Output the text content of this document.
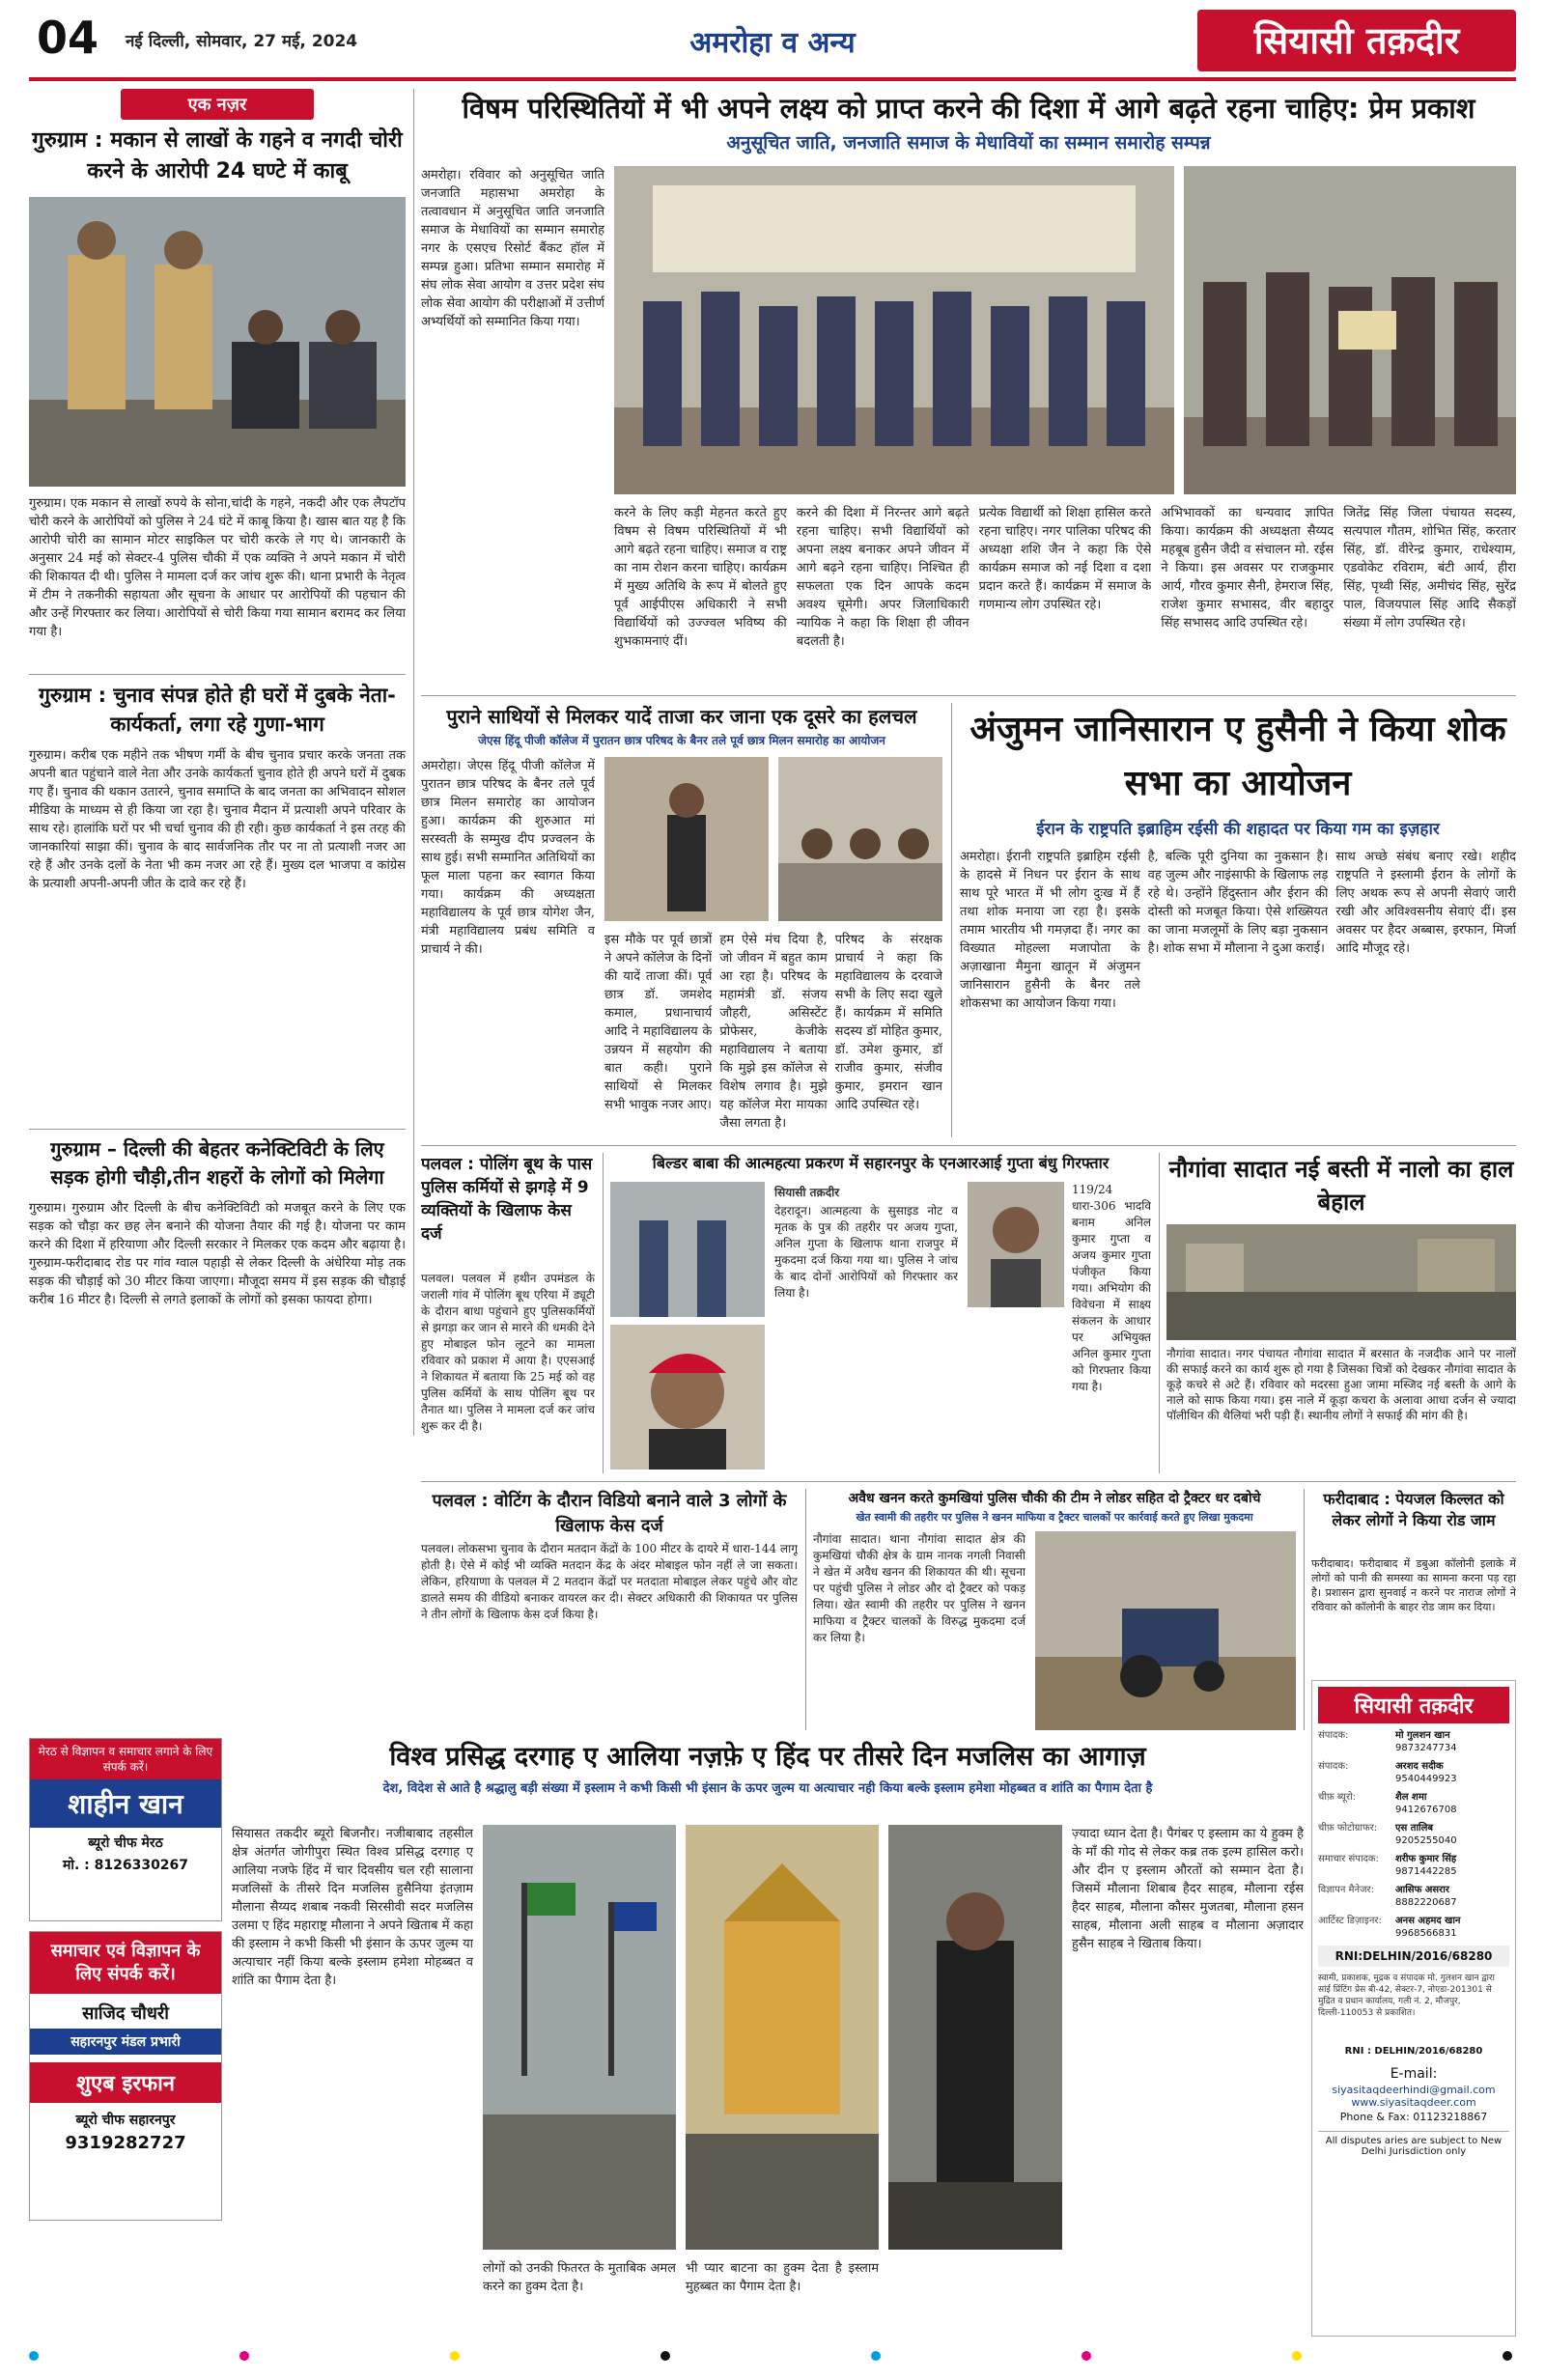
04 नई दिल्ली, सोमवार, 27 मई, 2024	अमरोहा व अन्य	सियासी तक़दीर
एक नज़र
गुरुग्राम : मकान से लाखों के गहने व नगदी चोरी करने के आरोपी 24 घण्टे में काबू
गुरुग्राम। एक मकान से लाखों रुपये के सोना,चांदी के गहने, नकदी और एक लैपटॉप चोरी करने के आरोपियों को पुलिस ने 24 घंटे में काबू किया है। खास बात यह है कि आरोपी चोरी का सामान मोटर साइकिल पर चोरी करके ले गए थे। जानकारी के अनुसार 24 मई को सेक्टर-4 पुलिस चौकी में एक व्यक्ति ने अपने मकान में चोरी की शिकायत दी थी। पुलिस ने मामला दर्ज कर जांच शुरू की। थाना प्रभारी के नेतृत्व में टीम ने तकनीकी सहायता और सूचना के आधार पर आरोपियों की पहचान की और उन्हें गिरफ्तार कर लिया। आरोपियों से चोरी किया गया सामान बरामद कर लिया गया है।
गुरुग्राम : चुनाव संपन्न होते ही घरों में दुबके नेता-कार्यकर्ता, लगा रहे गुणा-भाग
गुरुग्राम। करीब एक महीने तक भीषण गर्मी के बीच चुनाव प्रचार करके जनता तक अपनी बात पहुंचाने वाले नेता और उनके कार्यकर्ता चुनाव होते ही अपने घरों में दुबक गए हैं। चुनाव की थकान उतारने, चुनाव समाप्ति के बाद जनता का अभिवादन सोशल मीडिया के माध्यम से ही किया जा रहा है। चुनाव मैदान में प्रत्याशी अपने परिवार के साथ रहे। हालांकि घरों पर भी चर्चा चुनाव की ही रही। कुछ कार्यकर्ता ने इस तरह की जानकारियां साझा कीं। चुनाव के बाद सार्वजनिक तौर पर ना तो प्रत्याशी नजर आ रहे हैं और उनके दलों के नेता भी कम नजर आ रहे हैं। मुख्य दल भाजपा व कांग्रेस के प्रत्याशी अपनी-अपनी जीत के दावे कर रहे हैं।
गुरुग्राम – दिल्ली की बेहतर कनेक्टिविटी के लिए सड़क होगी चौड़ी,तीन शहरों के लोगों को मिलेगा
गुरुग्राम। गुरुग्राम और दिल्ली के बीच कनेक्टिविटी को मजबूत करने के लिए एक सड़क को चौड़ा कर छह लेन बनाने की योजना तैयार की गई है। योजना पर काम करने की दिशा में हरियाणा और दिल्ली सरकार ने मिलकर एक कदम और बढ़ाया है। गुरुग्राम-फरीदाबाद रोड पर गांव ग्वाल पहाड़ी से लेकर दिल्ली के अंधेरिया मोड़ तक सड़क की चौड़ाई को 30 मीटर किया जाएगा। मौजूदा समय में इस सड़क की चौड़ाई करीब 16 मीटर है। दिल्ली से लगते इलाकों के लोगों को इसका फायदा होगा।
विषम परिस्थितियों में भी अपने लक्ष्य को प्राप्त करने की दिशा में आगे बढ़ते रहना चाहिए: प्रेम प्रकाश
अनुसूचित जाति, जनजाति समाज के मेधावियों का सम्मान समारोह सम्पन्न
अमरोहा। रविवार को अनुसूचित जाति जनजाति महासभा अमरोहा के तत्वावधान में अनुसूचित जाति जनजाति समाज के मेधावियों का सम्मान समारोह नगर के एसएच रिसोर्ट बैंकट हॉल में सम्पन्न हुआ। प्रतिभा सम्मान समारोह में संघ लोक सेवा आयोग व उत्तर प्रदेश संघ लोक सेवा आयोग की परीक्षाओं में उत्तीर्ण अभ्यर्थियों को सम्मानित किया गया।
करने के लिए कड़ी मेहनत करते हुए विषम से विषम परिस्थितियों में भी आगे बढ़ते रहना चाहिए। समाज व राष्ट्र का नाम रोशन करना चाहिए। कार्यक्रम में मुख्य अतिथि के रूप में बोलते हुए पूर्व आईपीएस अधिकारी ने सभी विद्यार्थियों को उज्ज्वल भविष्य की शुभकामनाएं दीं।
करने की दिशा में निरन्तर आगे बढ़ते रहना चाहिए। सभी विद्यार्थियों को अपना लक्ष्य बनाकर अपने जीवन में आगे बढ़ने रहना चाहिए। निश्चित ही सफलता एक दिन आपके कदम अवश्य चूमेगी। अपर जिलाधिकारी न्यायिक ने कहा कि शिक्षा ही जीवन बदलती है।
प्रत्येक विद्यार्थी को शिक्षा हासिल करते रहना चाहिए। नगर पालिका परिषद की अध्यक्षा शशि जैन ने कहा कि ऐसे कार्यक्रम समाज को नई दिशा व दशा प्रदान करते हैं। कार्यक्रम में समाज के गणमान्य लोग उपस्थित रहे।
अभिभावकों का धन्यवाद ज्ञापित किया। कार्यक्रम की अध्यक्षता सैय्यद महबूब हुसैन जैदी व संचालन मो. रईस ने किया। इस अवसर पर राजकुमार आर्य, गौरव कुमार सैनी, हेमराज सिंह, राजेश कुमार सभासद, वीर बहादुर सिंह सभासद आदि उपस्थित रहे।
जितेंद्र सिंह जिला पंचायत सदस्य, सत्यपाल गौतम, शोभित सिंह, करतार सिंह, डॉ. वीरेन्द्र कुमार, राधेश्याम, एडवोकेट रविराम, बंटी आर्य, हीरा सिंह, पृथ्वी सिंह, अमीचंद सिंह, सुरेंद्र पाल, विजयपाल सिंह आदि सैकड़ों संख्या में लोग उपस्थित रहे।
पुराने साथियों से मिलकर यादें ताजा कर जाना एक दूसरे का हलचल
जेएस हिंदू पीजी कॉलेज में पुरातन छात्र परिषद के बैनर तले पूर्व छात्र मिलन समारोह का आयोजन
अमरोहा। जेएस हिंदू पीजी कॉलेज में पुरातन छात्र परिषद के बैनर तले पूर्व छात्र मिलन समारोह का आयोजन हुआ। कार्यक्रम की शुरुआत मां सरस्वती के सम्मुख दीप प्रज्वलन के साथ हुई। सभी सम्मानित अतिथियों का फूल माला पहना कर स्वागत किया गया। कार्यक्रम की अध्यक्षता महाविद्यालय के पूर्व छात्र योगेश जैन, मंत्री महाविद्यालय प्रबंध समिति व प्राचार्य ने की।
इस मौके पर पूर्व छात्रों ने अपने कॉलेज के दिनों की यादें ताजा कीं। पूर्व छात्र डॉ. जमशेद कमाल, प्रधानाचार्य आदि ने महाविद्यालय के उन्नयन में सहयोग की बात कही। पुराने साथियों से मिलकर सभी भावुक नजर आए।
हम ऐसे मंच दिया है, जो जीवन में बहुत काम आ रहा है। परिषद के महामंत्री डॉ. संजय जौहरी, असिस्टेंट प्रोफेसर, केजीके महाविद्यालय ने बताया कि मुझे इस कॉलेज से विशेष लगाव है। मुझे यह कॉलेज मेरा मायका जैसा लगता है।
परिषद के संरक्षक प्राचार्य ने कहा कि महाविद्यालय के दरवाजे सभी के लिए सदा खुले हैं। कार्यक्रम में समिति सदस्य डॉ मोहित कुमार, डॉ. उमेश कुमार, डॉ राजीव कुमार, संजीव कुमार, इमरान खान आदि उपस्थित रहे।
अंजुमन जानिसारान ए हुसैनी ने किया शोक सभा का आयोजन
ईरान के राष्ट्रपति इब्राहिम रईसी की शहादत पर किया गम का इज़हार
अमरोहा। ईरानी राष्ट्रपति इब्राहिम रईसी के हादसे में निधन पर ईरान के साथ साथ पूरे भारत में भी लोग दुःख में हैं तथा शोक मनाया जा रहा है। इसके तमाम भारतीय भी गमज़दा हैं। नगर का विख्यात मोहल्ला मजापोता के अज़ाखाना मैमुना खातून में अंजुमन जानिसारान हुसैनी के बैनर तले शोकसभा का आयोजन किया गया।
है, बल्कि पूरी दुनिया का नुकसान है। वह जुल्म और नाइंसाफी के खिलाफ लड़ रहे थे। उन्होंने हिंदुस्तान और ईरान की दोस्ती को मजबूत किया। ऐसे शख्सियत का जाना मजलूमों के लिए बड़ा नुकसान है। शोक सभा में मौलाना ने दुआ कराई।
साथ अच्छे संबंध बनाए रखे। शहीद राष्ट्रपति ने इस्लामी ईरान के लोगों के लिए अथक रूप से अपनी सेवाएं जारी रखी और अविश्वसनीय सेवाएं दीं। इस अवसर पर हैदर अब्बास, इरफान, मिर्जा आदि मौजूद रहे।
पलवल : पोलिंग बूथ के पास पुलिस कर्मियों से झगड़े में 9 व्यक्तियों के खिलाफ केस दर्ज
पलवल। पलवल में हथीन उपमंडल के जराली गांव में पोलिंग बूथ एरिया में ड्यूटी के दौरान बाधा पहुंचाने हुए पुलिसकर्मियों से झगड़ा कर जान से मारने की धमकी देने हुए मोबाइल फोन लूटने का मामला रविवार को प्रकाश में आया है। एएसआई ने शिकायत में बताया कि 25 मई को वह पुलिस कर्मियों के साथ पोलिंग बूथ पर तैनात था। पुलिस ने मामला दर्ज कर जांच शुरू कर दी है।
बिल्डर बाबा की आत्महत्या प्रकरण में सहारनपुर के एनआरआई गुप्ता बंधु गिरफ्तार
सियासी तक़दीर
देहरादून। आत्महत्या के सुसाइड नोट व मृतक के पुत्र की तहरीर पर अजय गुप्ता, अनिल गुप्ता के खिलाफ थाना राजपुर में मुकदमा दर्ज किया गया था। पुलिस ने जांच के बाद दोनों आरोपियों को गिरफ्तार कर लिया है।
119/24 धारा-306 भादवि बनाम अनिल कुमार गुप्ता व अजय कुमार गुप्ता पंजीकृत किया गया। अभियोग की विवेचना में साक्ष्य संकलन के आधार पर अभियुक्त अनिल कुमार गुप्ता को गिरफ्तार किया गया है।
नौगांवा सादात नई बस्ती में नालो का हाल बेहाल
नौगांवा सादात। नगर पंचायत नौगांवा सादात में बरसात के नजदीक आने पर नालों की सफाई करने का कार्य शुरू हो गया है जिसका चित्रों को देखकर नौगांवा सादात के कूड़े कचरे से अटे हैं। रविवार को मदरसा हुआ जामा मस्जिद नई बस्ती के आगे के नाले को साफ किया गया। इस नाले में कूड़ा कचरा के अलावा आधा दर्जन से ज्यादा पॉलीथिन की थैलियां भरी पड़ी हैं। स्थानीय लोगों ने सफाई की मांग की है।
पलवल : वोटिंग के दौरान विडियो बनाने वाले 3 लोगों के खिलाफ केस दर्ज
पलवल। लोकसभा चुनाव के दौरान मतदान केंद्रों के 100 मीटर के दायरे में धारा-144 लागू होती है। ऐसे में कोई भी व्यक्ति मतदान केंद्र के अंदर मोबाइल फोन नहीं ले जा सकता। लेकिन, हरियाणा के पलवल में 2 मतदान केंद्रों पर मतदाता मोबाइल लेकर पहुंचे और वोट डालते समय की वीडियो बनाकर वायरल कर दी। सेक्टर अधिकारी की शिकायत पर पुलिस ने तीन लोगों के खिलाफ केस दर्ज किया है।
अवैध खनन करते कुमखियां पुलिस चौकी की टीम ने लोडर सहित दो ट्रैक्टर धर दबोचे
खेत स्वामी की तहरीर पर पुलिस ने खनन माफिया व ट्रैक्टर चालकों पर कार्रवाई करते हुए लिखा मुकदमा
नौगांवा सादात। थाना नौगांवा सादात क्षेत्र की कुमखियां चौकी क्षेत्र के ग्राम नानक नगली निवासी ने खेत में अवैध खनन की शिकायत की थी। सूचना पर पहुंची पुलिस ने लोडर और दो ट्रैक्टर को पकड़ लिया। खेत स्वामी की तहरीर पर पुलिस ने खनन माफिया व ट्रैक्टर चालकों के विरुद्ध मुकदमा दर्ज कर लिया है।
फरीदाबाद : पेयजल किल्लत को लेकर लोगों ने किया रोड जाम
फरीदाबाद। फरीदाबाद में डबुआ कॉलोनी इलाके में लोगों को पानी की समस्या का सामना करना पड़ रहा है। प्रशासन द्वारा सुनवाई न करने पर नाराज लोगों ने रविवार को कॉलोनी के बाहर रोड जाम कर दिया।
सियासी तक़दीर
संपादक:	मो गुलशन खान
9873247734
संपादक:	अरशद सदीक
9540449923
चीफ़ ब्यूरो:	शैल शमा
9412676708
चीफ़ फोटोग्राफर:	एस तालिब
9205255040
समाचार संपादक:	शरीफ कुमार सिंह
9871442285
विज्ञापन मैनेजर:	आसिफ असरार
8882220687
आर्टिस्ट डिज़ाइनर:	अनस अहमद खान
9968566831
RNI:DELHIN/2016/68280
स्वामी, प्रकाशक, मुद्रक व संपादक मो. गुलशन खान द्वारा सांई प्रिंटिंग प्रेस बी-42, सेक्टर-7, नोएडा-201301 से मुद्रित व प्रधान कार्यालय, गली नं. 2, मौजपुर, दिल्ली-110053 से प्रकाशित।
RNI : DELHIN/2016/68280
E-mail:
siyasitaqdeerhindi@gmail.com
www.siyasitaqdeer.com
Phone & Fax: 01123218867
All disputes aries are subject to New Delhi Jurisdiction only
मेरठ से विज्ञापन व समाचार लगाने के लिए संपर्क करें।
शाहीन खान
ब्यूरो चीफ मेरठ
मो. : 8126330267
समाचार एवं विज्ञापन के लिए संपर्क करें।
साजिद चौधरी
सहारनपुर मंडल प्रभारी
शुएब इरफान
ब्यूरो चीफ सहारनपुर
9319282727
विश्व प्रसिद्ध दरगाह ए आलिया नज़फ़े ए हिंद पर तीसरे दिन मजलिस का आगाज़
देश, विदेश से आते है श्रद्धालु बड़ी संख्या में इस्लाम ने कभी किसी भी इंसान के ऊपर जुल्म या अत्याचार नही किया बल्के इस्लाम हमेशा मोहब्बत व शांति का पैगाम देता है
सियासत तकदीर ब्यूरो बिजनौर। नजीबाबाद तहसील क्षेत्र अंतर्गत जोगीपुरा स्थित विश्व प्रसिद्ध दरगाह ए आलिया नजफे हिंद में चार दिवसीय चल रही सालाना मजलिसों के तीसरे दिन मजलिस हुसैनिया इंतज़ाम मौलाना सैय्यद शबाब नकवी सिरसीवी सदर मजलिस उलमा ए हिंद महाराष्ट्र मौलाना ने अपने खिताब में कहा की इस्लाम ने कभी किसी भी इंसान के ऊपर जुल्म या अत्याचार नहीं किया बल्के इस्लाम हमेशा मोहब्बत व शांति का पैगाम देता है।
लोगों को उनकी फितरत के मुताबिक अमल करने का हुक्म देता है।
भी प्यार बाटना का हुक्म देता है इस्लाम मुहब्बत का पैगाम देता है।
ज़्यादा ध्यान देता है। पैगंबर ए इस्लाम का ये हुक्म है के माँ की गोद से लेकर कब्र तक इल्म हासिल करो। और दीन ए इस्लाम औरतों को सम्मान देता है। जिसमें मौलाना शिबाब हैदर साहब, मौलाना रईस हैदर साहब, मौलाना कौसर मुजतबा, मौलाना हसन साहब, मौलाना अली साहब व मौलाना अज़ादार हुसैन साहब ने खिताब किया।
